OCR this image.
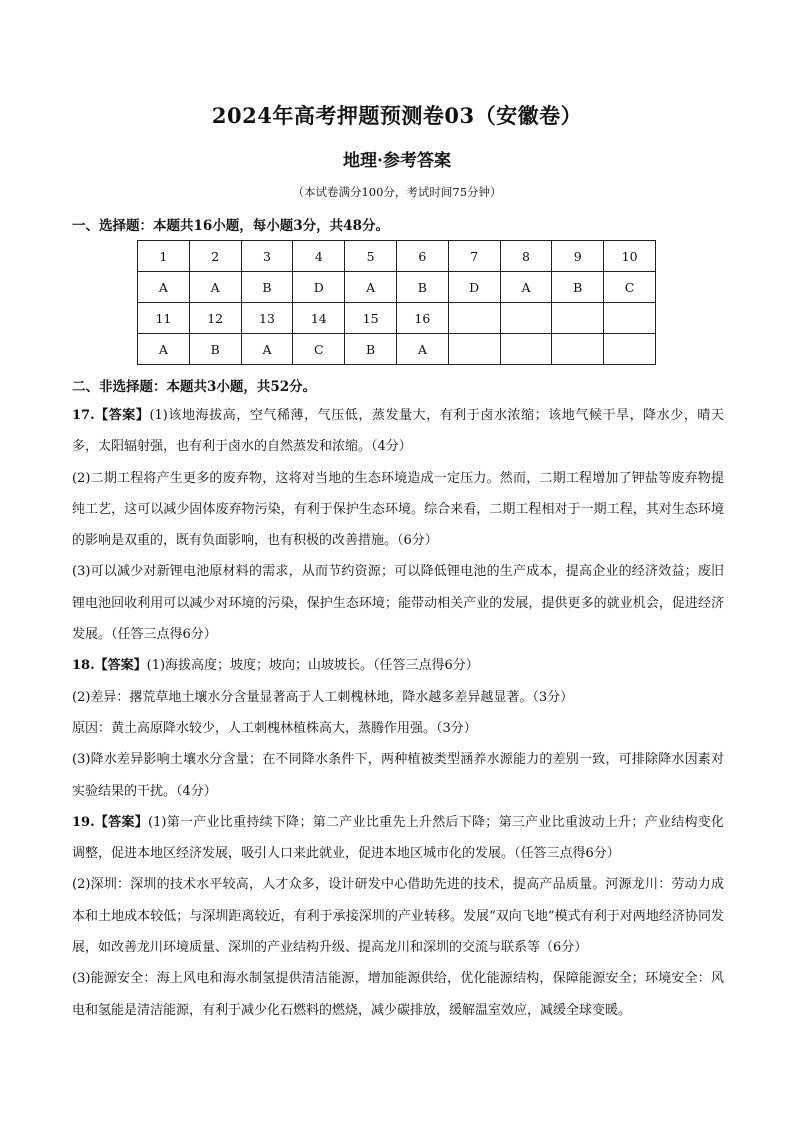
2024年高考押题预测卷03（安徽卷）
地理·参考答案
（本试卷满分100分，考试时间75分钟）
一、选择题：本题共16小题，每小题3分，共48分。
1	2	3	4	5	6	7	8	9	10
A	A	B	D	A	B	D	A	B	C
11	12	13	14	15	16				
A	B	A	C	B	A				
二、非选择题：本题共3小题，共52分。

17.【答案】(1)该地海拔高，空气稀薄，气压低，蒸发量大，有利于卤水浓缩；该地气候干旱，降水少，晴天多，太阳辐射强，也有利于卤水的自然蒸发和浓缩。（4分）

(2)二期工程将产生更多的废弃物，这将对当地的生态环境造成一定压力。然而，二期工程增加了钾盐等废弃物提纯工艺，这可以减少固体废弃物污染，有利于保护生态环境。综合来看，二期工程相对于一期工程，其对生态环境的影响是双重的，既有负面影响，也有积极的改善措施。（6分）

(3)可以减少对新锂电池原材料的需求，从而节约资源；可以降低锂电池的生产成本，提高企业的经济效益；废旧锂电池回收利用可以减少对环境的污染，保护生态环境；能带动相关产业的发展，提供更多的就业机会，促进经济发展。（任答三点得6分）

18.【答案】(1)海拔高度；坡度；坡向；山坡坡长。（任答三点得6分）

(2)差异：撂荒草地土壤水分含量显著高于人工刺槐林地，降水越多差异越显著。（3分）

原因：黄土高原降水较少，人工刺槐林植株高大，蒸腾作用强。（3分）

(3)降水差异影响土壤水分含量；在不同降水条件下，两种植被类型涵养水源能力的差别一致，可排除降水因素对实验结果的干扰。（4分）

19.【答案】(1)第一产业比重持续下降；第二产业比重先上升然后下降；第三产业比重波动上升；产业结构变化调整，促进本地区经济发展，吸引人口来此就业，促进本地区城市化的发展。（任答三点得6分）

(2)深圳：深圳的技术水平较高，人才众多，设计研发中心借助先进的技术，提高产品质量。河源龙川：劳动力成本和土地成本较低；与深圳距离较近，有利于承接深圳的产业转移。发展“双向飞地”模式有利于对两地经济协同发展，如改善龙川环境质量、深圳的产业结构升级、提高龙川和深圳的交流与联系等（6分）

(3)能源安全：海上风电和海水制氢提供清洁能源，增加能源供给，优化能源结构，保障能源安全；环境安全：风电和氢能是清洁能源，有利于减少化石燃料的燃烧，减少碳排放，缓解温室效应，减缓全球变暖。
